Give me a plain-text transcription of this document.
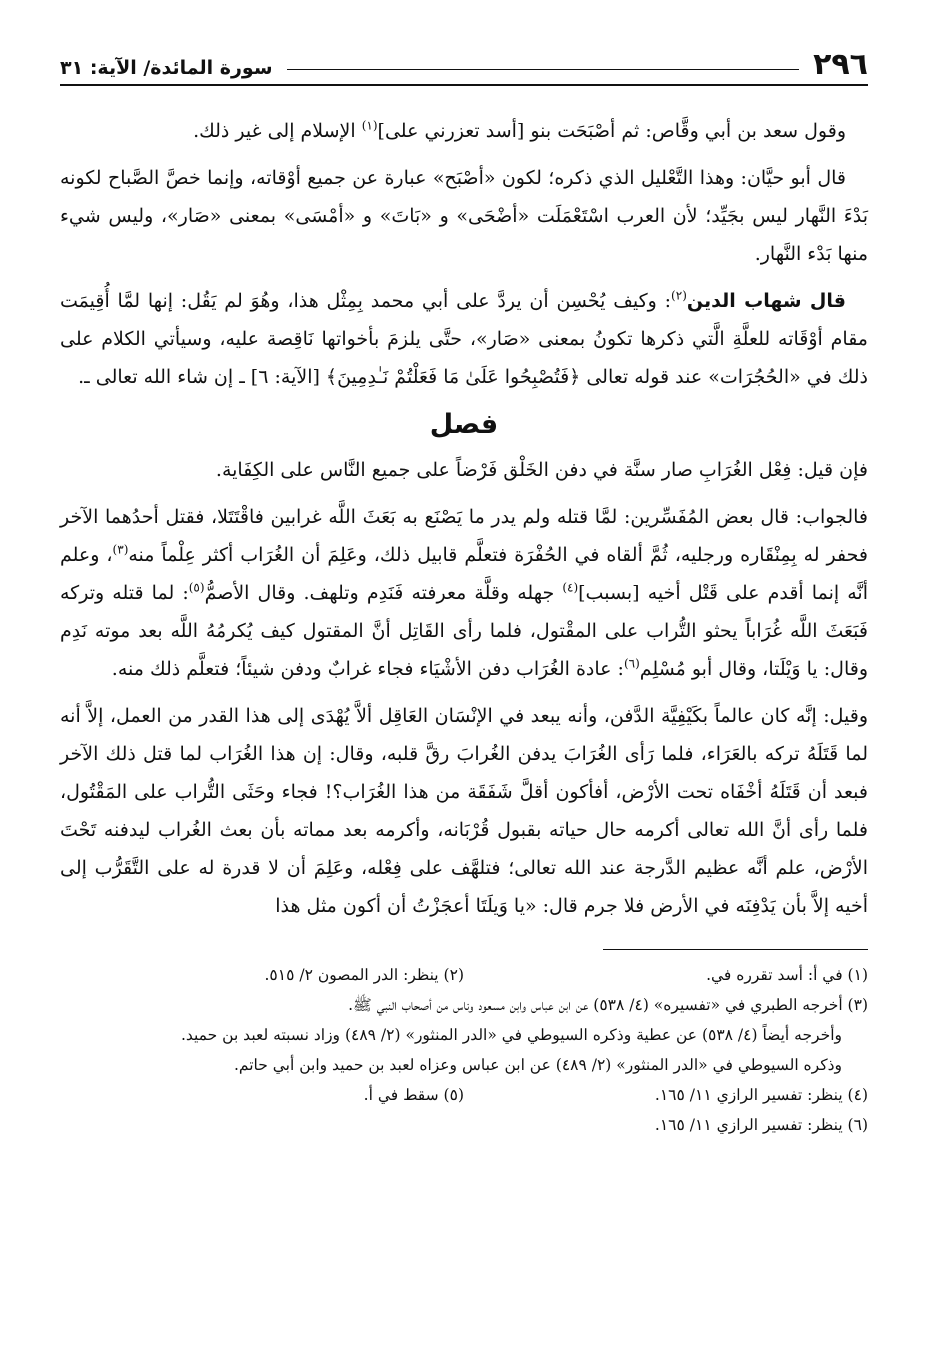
٢٩٦
سورة المائدة/ الآية: ٣١

وقول سعد بن أبي وقَّاص: ثم أصْبَحَت بنو [أسد تعزرني على]$^{(١)}$ الإسلام إلى غير ذلك.

قال أبو حيَّان: وهذا التَّعْليل الذي ذكره؛ لكون «أصْبَح» عبارة عن جميع أوْقاته، وإنما خصَّ الصَّباح لكونه بَدْءَ النَّهار ليس بجَيِّد؛ لأن العرب اسْتَعْمَلَت «أضْحَى» و «بَاتَ» و «أمْسَى» بمعنى «صَار»، وليس شيء منها بَدْء النَّهار.

قال شهاب الدين$^{(٢)}$: وكيف يُحْسِن أن يردَّ على أبي محمد بِمِثْل هذا، وهُوَ لم يَقُل: إنها لمَّا أُقِيمَت مقام أوْقَاته للعلَّةِ الَّتي ذكرها تكونُ بمعنى «صَار»، حتَّى يلزمَ بأخواتها نَاقِصة عليه، وسيأتي الكلام على ذلك في «الحُجُرَات» عند قوله تعالى ﴿فَتُصْبِحُوا عَلَىٰ مَا فَعَلْتُمْ نَـٰدِمِينَ﴾ [الآية: ٦] ـ إن شاء الله تعالى ـ.

فصل

فإن قيل: فِعْل الغُرَابِ صار سنَّة في دفن الخَلْق فَرْضاً على جميع النَّاس على الكِفَاية.

فالجواب: قال بعض المُفَسِّرين: لمَّا قتله ولم يدر ما يَصْنَع به بَعَثَ اللَّه غرابين فاقْتَتَلا، فقتل أحدُهما الآخر فحفر له بِمِنْقَاره ورجليه، ثُمَّ ألقاه في الحُفْرَة فتعلَّم قابيل ذلك، وعَلِمَ أن الغُرَاب أكثر عِلْماً منه$^{(٣)}$، وعلم أنَّه إنما أقدم على قَتْل أخيه [بسبب]$^{(٤)}$ جهله وقلَّة معرفته فَنَدِم وتلهف. وقال الأصمُّ$^{(٥)}$: لما قتله وتركه فَبَعَثَ اللَّه غُرَاباً يحثو التُّراب على المقْتول، فلما رأى القَاتِل أنَّ المقتول كيف يُكرمُهُ اللَّه بعد موته نَدِم وقال: يا وَيْلَتا، وقال أبو مُسْلِم$^{(٦)}$: عادة الغُرَاب دفن الأشْيَاء فجاء غرابٌ ودفن شيئاً؛ فتعلَّم ذلك منه.

وقيل: إنَّه كان عالماً بكَيْفِيَّة الدَّفن، وأنه يبعد في الإنْسَان العَاقِل ألاَّ يُهْدَى إلى هذا القدر من العمل، إلاَّ أنه لما قَتَلَهُ تركه بالعَرَاء، فلما رَأى الغُرَابَ يدفن الغُرابَ رقَّ قلبه، وقال: إن هذا الغُرَاب لما قتل ذلك الآخر فبعد أن قَتَلَهُ أخْفَاه تحت الأرْض، أفأكون أقلَّ شَفَقَة من هذا الغُرَاب؟! فجاء وحَثَى التُّراب على المَقْتُول، فلما رأى أنَّ الله تعالى أكرمه حال حياته بقبول قُرْبَانه، وأكرمه بعد مماته بأن بعث الغُراب ليدفنه تَحْتَ الأرْض، علم أنَّه عظيم الدَّرجة عند الله تعالى؛ فتلهَّف على فِعْله، وعَلِمَ أن لا قدرة له على التَّقَرُّب إلى أخيه إلاَّ بأن يَدْفِنَه في الأرض فلا جرم قال: «يا وَيلَتَا أعجَزْتُ أن أكون مثل هذا

(١) في أ: أسد تقرره في.
(٢) ينظر: الدر المصون ٢/ ٥١٥.

(٣) أخرجه الطبري في «تفسيره» (٤/ ٥٣٨) عن ابن عباس وابن مسعود وناس من أصحاب النبي ﷺ.

وأخرجه أيضاً (٤/ ٥٣٨) عن عطية وذكره السيوطي في «الدر المنثور» (٢/ ٤٨٩) وزاد نسبته لعبد بن حميد.

وذكره السيوطي في «الدر المنثور» (٢/ ٤٨٩) عن ابن عباس وعزاه لعبد بن حميد وابن أبي حاتم.

(٤) ينظر: تفسير الرازي ١١/ ١٦٥.
(٥) سقط في أ.

(٦) ينظر: تفسير الرازي ١١/ ١٦٥.
